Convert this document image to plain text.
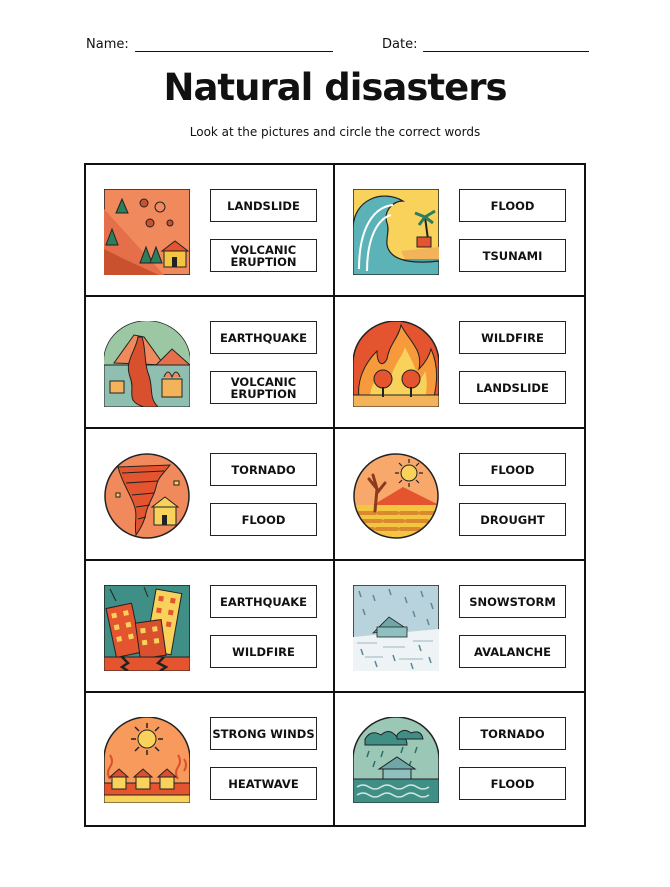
Name:	Date:
Natural disasters
Look at the pictures and circle the correct words
LANDSLIDE
VOLCANIC
ERUPTION
FLOOD
TSUNAMI
EARTHQUAKE
VOLCANIC
ERUPTION
WILDFIRE
LANDSLIDE
TORNADO
FLOOD
FLOOD
DROUGHT
EARTHQUAKE
WILDFIRE
SNOWSTORM
AVALANCHE
STRONG WINDS
HEATWAVE
TORNADO
FLOOD
